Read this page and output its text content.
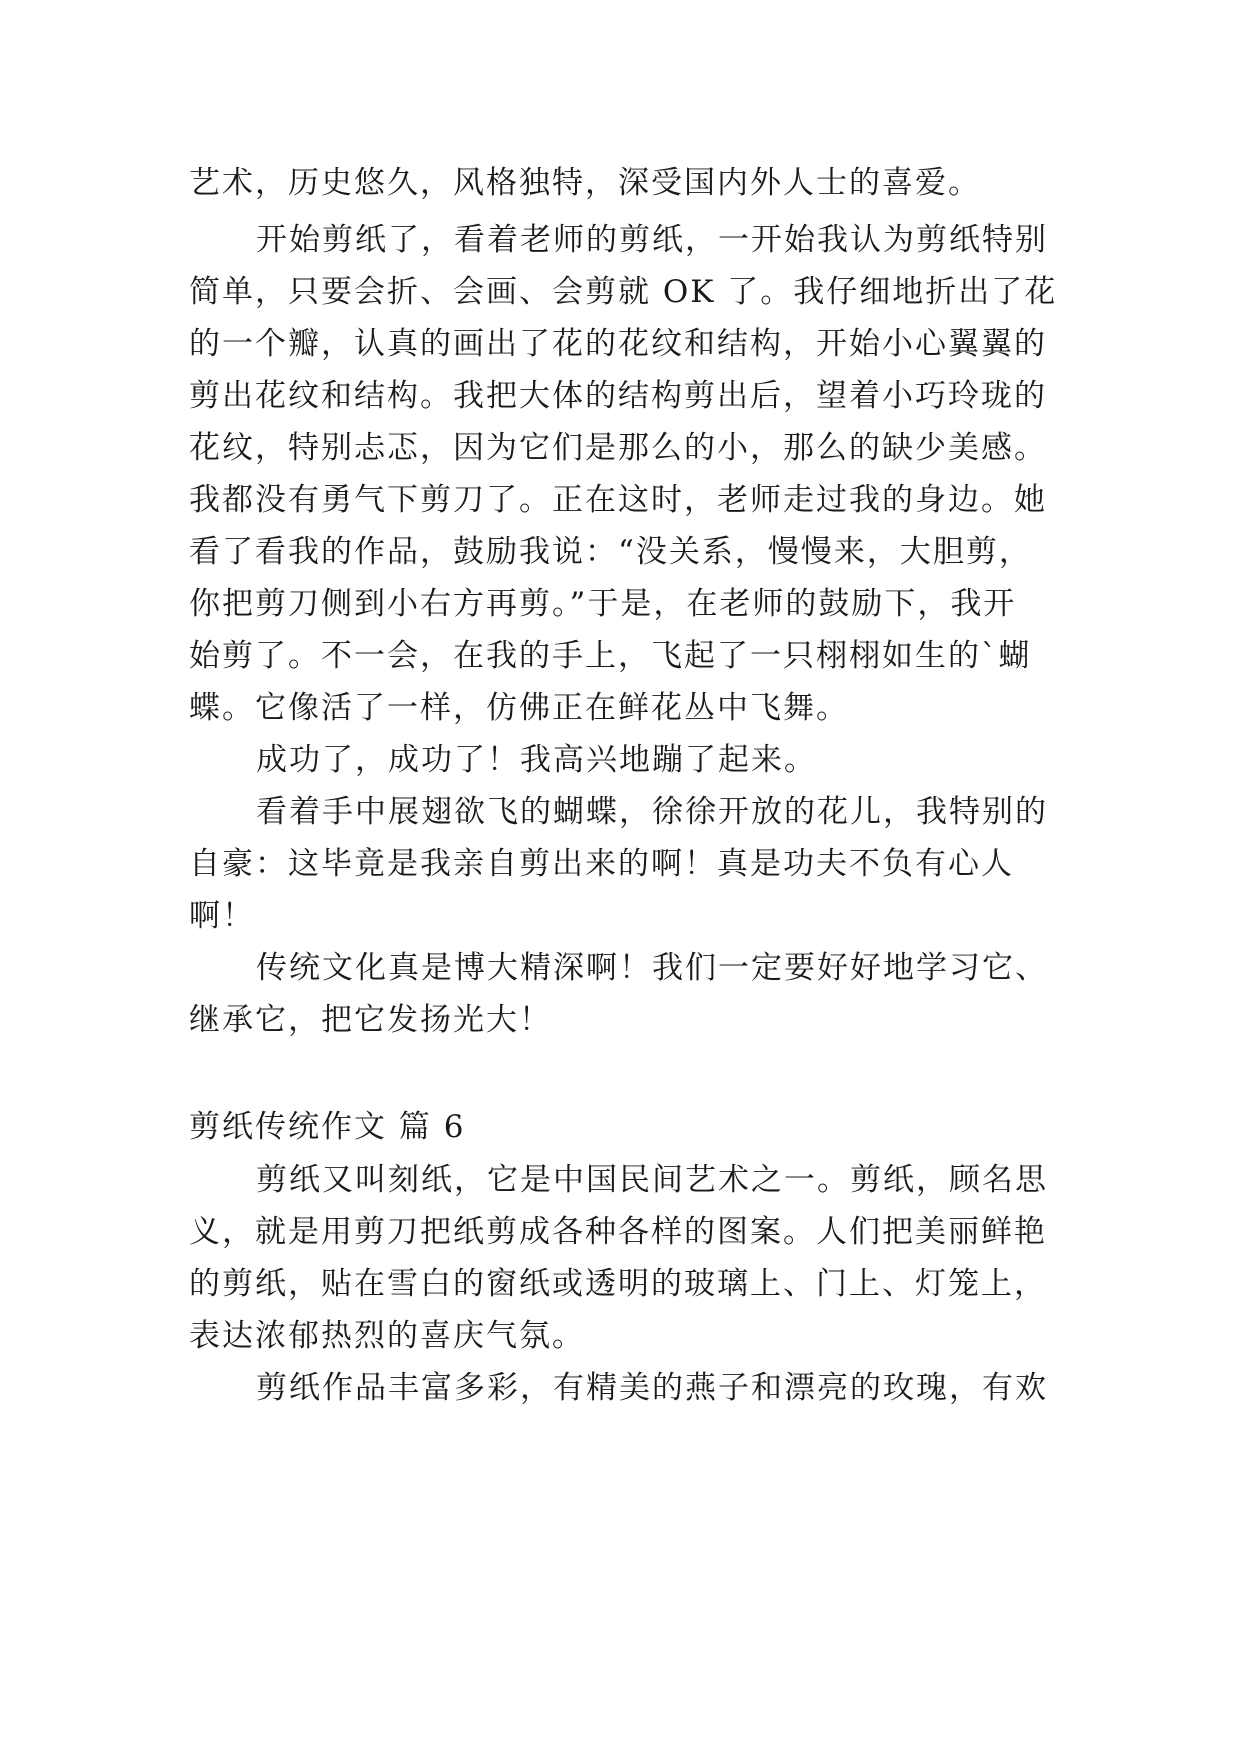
艺术，历史悠久，风格独特，深受国内外人士的喜爱。

开始剪纸了，看着老师的剪纸，一开始我认为剪纸特别

简单，只要会折、会画、会剪就 OK 了。我仔细地折出了花

的一个瓣，认真的画出了花的花纹和结构，开始小心翼翼的

剪出花纹和结构。我把大体的结构剪出后，望着小巧玲珑的

花纹，特别忐忑，因为它们是那么的小，那么的缺少美感。

我都没有勇气下剪刀了。正在这时，老师走过我的身边。她

看了看我的作品，鼓励我说：“没关系，慢慢来，大胆剪，

你把剪刀侧到小右方再剪。”于是，在老师的鼓励下，我开

始剪了。不一会，在我的手上，飞起了一只栩栩如生的`蝴

蝶。它像活了一样，仿佛正在鲜花丛中飞舞。

成功了，成功了！我高兴地蹦了起来。

看着手中展翅欲飞的蝴蝶，徐徐开放的花儿，我特别的

自豪：这毕竟是我亲自剪出来的啊！真是功夫不负有心人

啊！

传统文化真是博大精深啊！我们一定要好好地学习它、

继承它，把它发扬光大！

剪纸传统作文 篇 6

剪纸又叫刻纸，它是中国民间艺术之一。剪纸，顾名思

义，就是用剪刀把纸剪成各种各样的图案。人们把美丽鲜艳

的剪纸，贴在雪白的窗纸或透明的玻璃上、门上、灯笼上，

表达浓郁热烈的喜庆气氛。

剪纸作品丰富多彩，有精美的燕子和漂亮的玫瑰，有欢
